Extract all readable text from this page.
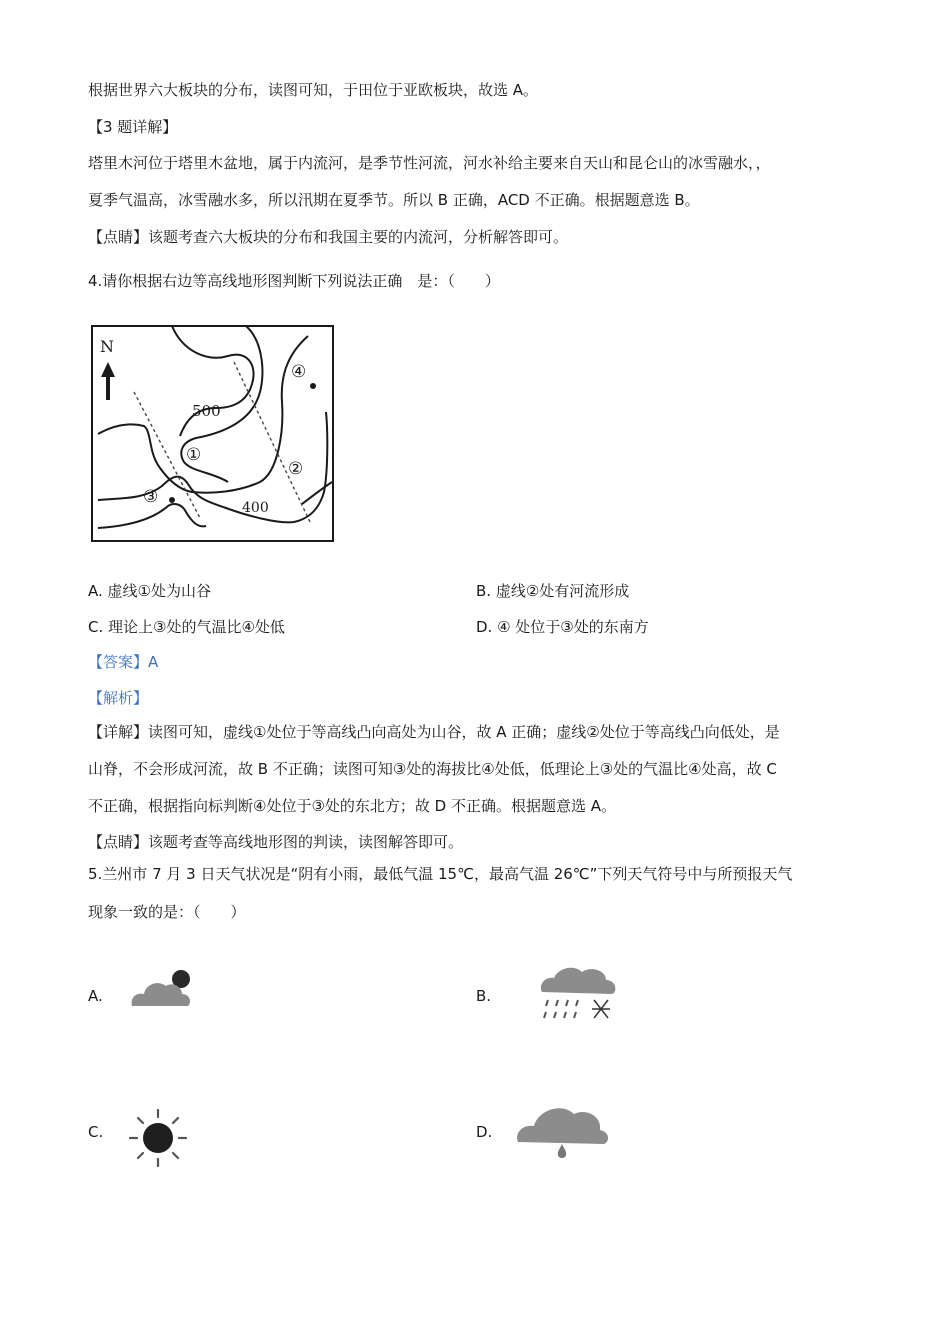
根据世界六大板块的分布，读图可知，于田位于亚欧板块，故选 A。
【3 题详解】
塔里木河位于塔里木盆地，属于内流河，是季节性河流，河水补给主要来自天山和昆仑山的冰雪融水，，
夏季气温高，冰雪融水多，所以汛期在夏季节。所以 B 正确，ACD 不正确。根据题意选 B。
【点睛】该题考查六大板块的分布和我国主要的内流河，分析解答即可。
4.请你根据右边等高线地形图判断下列说法正确　是：（　　）
N
500
400
①
②
③
④
A. 虚线①处为山谷	B. 虚线②处有河流形成
C. 理论上③处的气温比④处低	D. ④ 处位于③处的东南方
【答案】A
【解析】
【详解】读图可知，虚线①处位于等高线凸向高处为山谷，故 A 正确；虚线②处位于等高线凸向低处，是
山脊，不会形成河流，故 B 不正确；读图可知③处的海拔比④处低，低理论上③处的气温比④处高，故 C
不正确，根据指向标判断④处位于③处的东北方；故 D 不正确。根据题意选 A。
【点睛】该题考查等高线地形图的判读，读图解答即可。
5.兰州市 7 月 3 日天气状况是“阴有小雨，最低气温 15℃，最高气温 26℃”下列天气符号中与所预报天气
现象一致的是：（　　）
A.	B.
C.	D.
